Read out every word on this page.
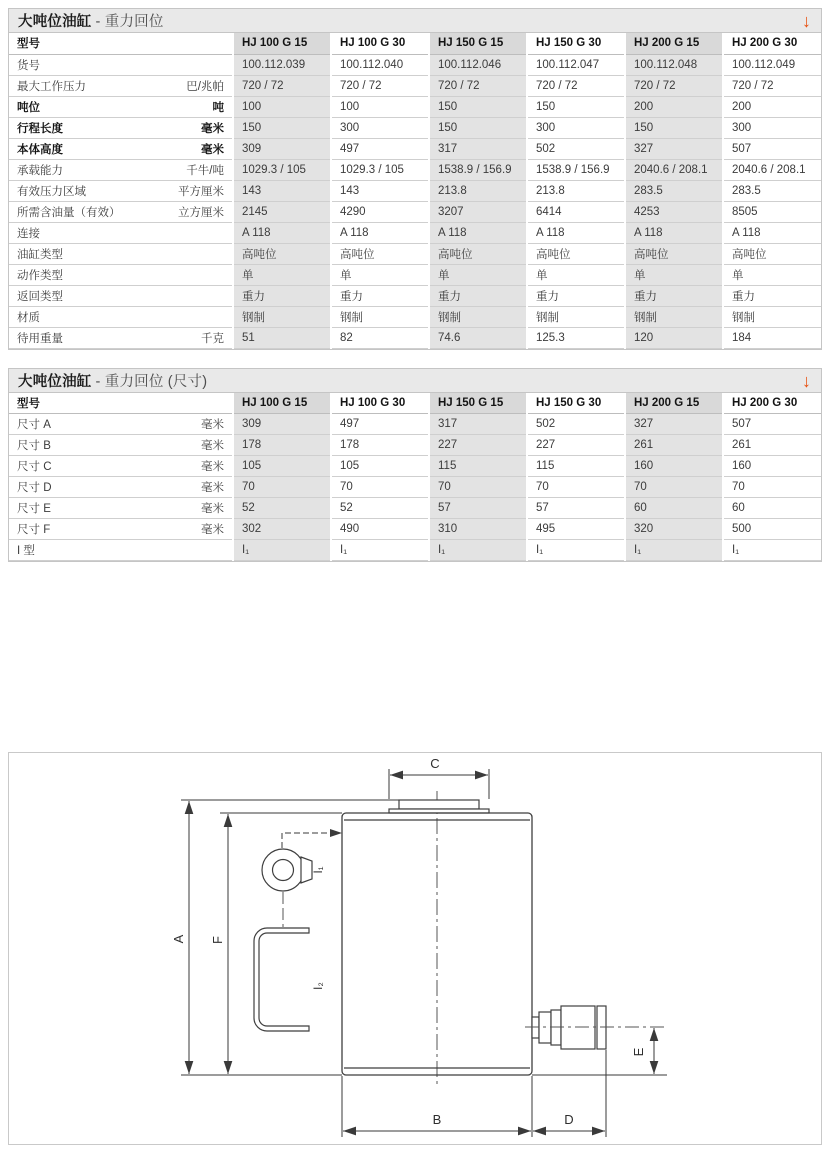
大吨位油缸 - 重力回位	↓
型号	HJ 100 G 15	HJ 100 G 30	HJ 150 G 15	HJ 150 G 30	HJ 200 G 15	HJ 200 G 30
货号	100.112.039	100.112.040	100.112.046	100.112.047	100.112.048	100.112.049
最大工作压力 巴/兆帕	720 / 72	720 / 72	720 / 72	720 / 72	720 / 72	720 / 72
吨位 吨	100	100	150	150	200	200
行程长度 毫米	150	300	150	300	150	300
本体高度 毫米	309	497	317	502	327	507
承载能力 千牛/吨	1029.3 / 105	1029.3 / 105	1538.9 / 156.9	1538.9 / 156.9	2040.6 / 208.1	2040.6 / 208.1
有效压力区域 平方厘米	143	143	213.8	213.8	283.5	283.5
所需含油量（有效） 立方厘米	2145	4290	3207	6414	4253	8505
连接	A 118	A 118	A 118	A 118	A 118	A 118
油缸类型	高吨位	高吨位	高吨位	高吨位	高吨位	高吨位
动作类型	单	单	单	单	单	单
返回类型	重力	重力	重力	重力	重力	重力
材质	钢制	钢制	钢制	钢制	钢制	钢制
待用重量 千克	51	82	74.6	125.3	120	184
大吨位油缸 - 重力回位 (尺寸)	↓
型号	HJ 100 G 15	HJ 100 G 30	HJ 150 G 15	HJ 150 G 30	HJ 200 G 15	HJ 200 G 30
尺寸 A 毫米	309	497	317	502	327	507
尺寸 B 毫米	178	178	227	227	261	261
尺寸 C 毫米	105	105	115	115	160	160
尺寸 D 毫米	70	70	70	70	70	70
尺寸 E 毫米	52	52	57	57	60	60
尺寸 F 毫米	302	490	310	495	320	500
I 型	I₁	I₁	I₁	I₁	I₁	I₁
C
A F
I₁
I₂
E
B	D
